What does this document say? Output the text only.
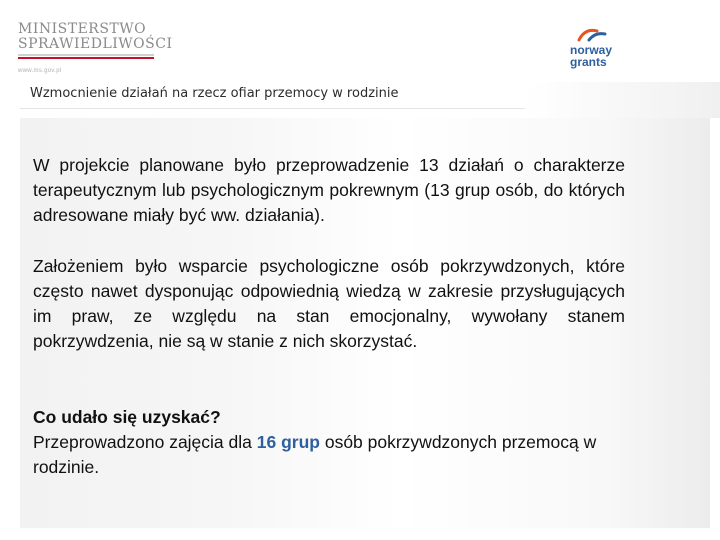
MINISTERSTWO
SPRAWIEDLIWOŚCI
www.ms.gov.pl
norway
grants
Wzmocnienie działań na rzecz ofiar przemocy w rodzinie
W projekcie planowane było przeprowadzenie 13 działań o charakterze terapeutycznym lub psychologicznym pokrewnym (13 grup osób, do których adresowane miały być ww. działania).
Założeniem było wsparcie psychologiczne osób pokrzywdzonych, które często nawet dysponując odpowiednią wiedzą w zakresie przysługujących im praw, ze względu na stan emocjonalny, wywołany stanem pokrzywdzenia, nie są w stanie z nich skorzystać.
Co udało się uzyskać?
Przeprowadzono zajęcia dla 16 grup osób pokrzywdzonych przemocą w rodzinie.
